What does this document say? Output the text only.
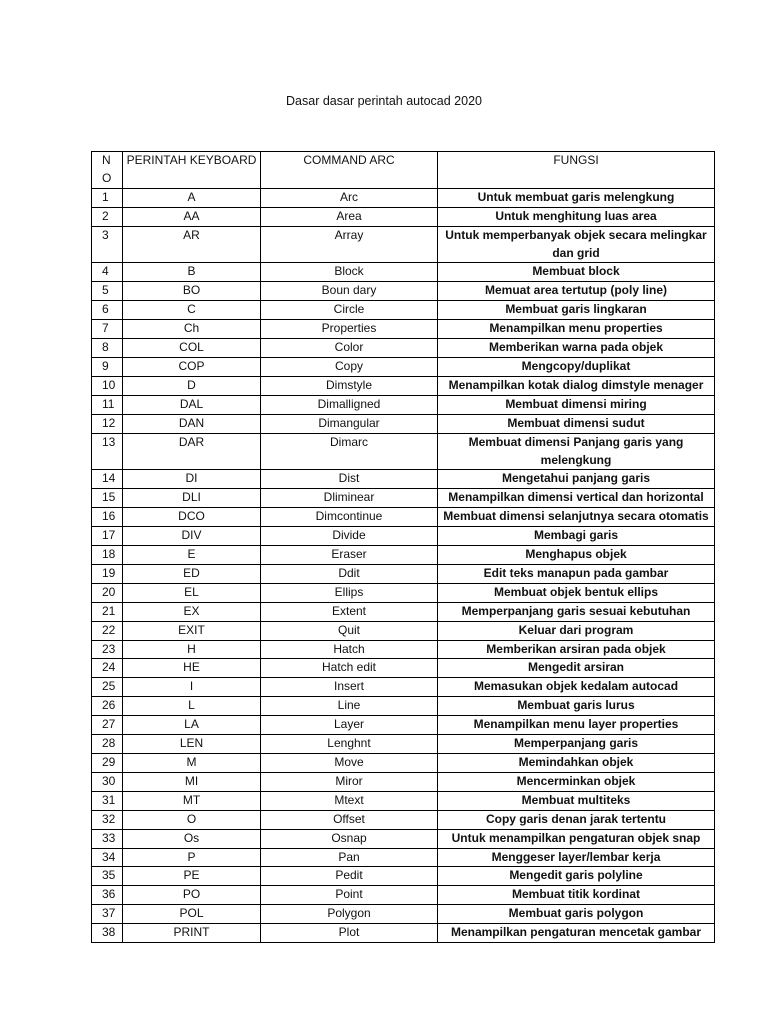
Dasar dasar perintah autocad 2020
N O	PERINTAH KEYBOARD	COMMAND ARC	FUNGSI
1	A	Arc	Untuk membuat garis melengkung
2	AA	Area	Untuk menghitung luas area
3	AR	Array	Untuk memperbanyak objek secara melingkar dan grid
4	B	Block	Membuat block
5	BO	Boun dary	Memuat area tertutup (poly line)
6	C	Circle	Membuat garis lingkaran
7	Ch	Properties	Menampilkan menu properties
8	COL	Color	Memberikan warna pada objek
9	COP	Copy	Mengcopy/duplikat
10	D	Dimstyle	Menampilkan kotak dialog dimstyle menager
11	DAL	Dimalligned	Membuat dimensi miring
12	DAN	Dimangular	Membuat dimensi sudut
13	DAR	Dimarc	Membuat dimensi Panjang garis yang melengkung
14	DI	Dist	Mengetahui panjang garis
15	DLI	Dliminear	Menampilkan dimensi vertical dan horizontal
16	DCO	Dimcontinue	Membuat dimensi selanjutnya secara otomatis
17	DIV	Divide	Membagi garis
18	E	Eraser	Menghapus objek
19	ED	Ddit	Edit teks manapun pada gambar
20	EL	Ellips	Membuat objek bentuk ellips
21	EX	Extent	Memperpanjang garis sesuai kebutuhan
22	EXIT	Quit	Keluar dari program
23	H	Hatch	Memberikan arsiran pada objek
24	HE	Hatch edit	Mengedit arsiran
25	I	Insert	Memasukan objek kedalam autocad
26	L	Line	Membuat garis lurus
27	LA	Layer	Menampilkan menu layer properties
28	LEN	Lenghnt	Memperpanjang garis
29	M	Move	Memindahkan objek
30	MI	Miror	Mencerminkan objek
31	MT	Mtext	Membuat multiteks
32	O	Offset	Copy garis denan jarak tertentu
33	Os	Osnap	Untuk menampilkan pengaturan objek snap
34	P	Pan	Menggeser layer/lembar kerja
35	PE	Pedit	Mengedit garis polyline
36	PO	Point	Membuat titik kordinat
37	POL	Polygon	Membuat garis polygon
38	PRINT	Plot	Menampilkan pengaturan mencetak gambar
